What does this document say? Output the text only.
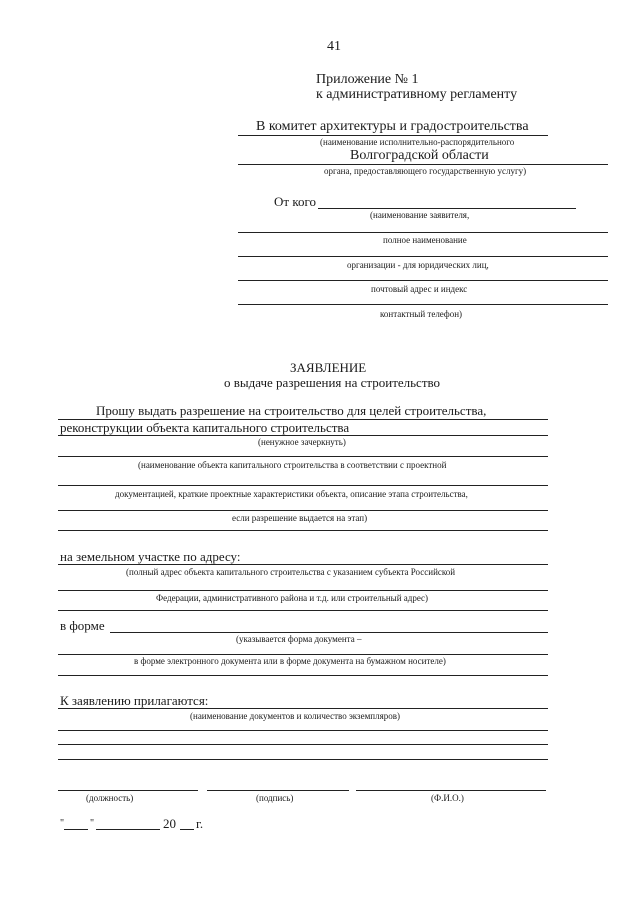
41
Приложение № 1
к административному регламенту
В комитет архитектуры и градостроительства
(наименование исполнительно-распорядительного
Волгоградской области
органа, предоставляющего государственную услугу)
От кого
(наименование заявителя,
полное наименование
организации - для юридических лиц,
почтовый адрес и индекс
контактный телефон)
ЗАЯВЛЕНИЕ
о выдаче разрешения на строительство
Прошу выдать разрешение на строительство для целей строительства,
реконструкции объекта капитального строительства
(ненужное зачеркнуть)
(наименование объекта капитального строительства в соответствии с проектной
документацией, краткие проектные характеристики объекта, описание этапа строительства,
если разрешение выдается на этап)
на земельном участке по адресу:
(полный адрес объекта капитального строительства с указанием субъекта Российской
Федерации, административного района и т.д. или строительный адрес)
в форме
(указывается форма документа –
в форме электронного документа или в форме документа на бумажном носителе)
К заявлению прилагаются:
(наименование документов и количество экземпляров)
(должность)	(подпись)	(Ф.И.О.)
"	"	20 г.
